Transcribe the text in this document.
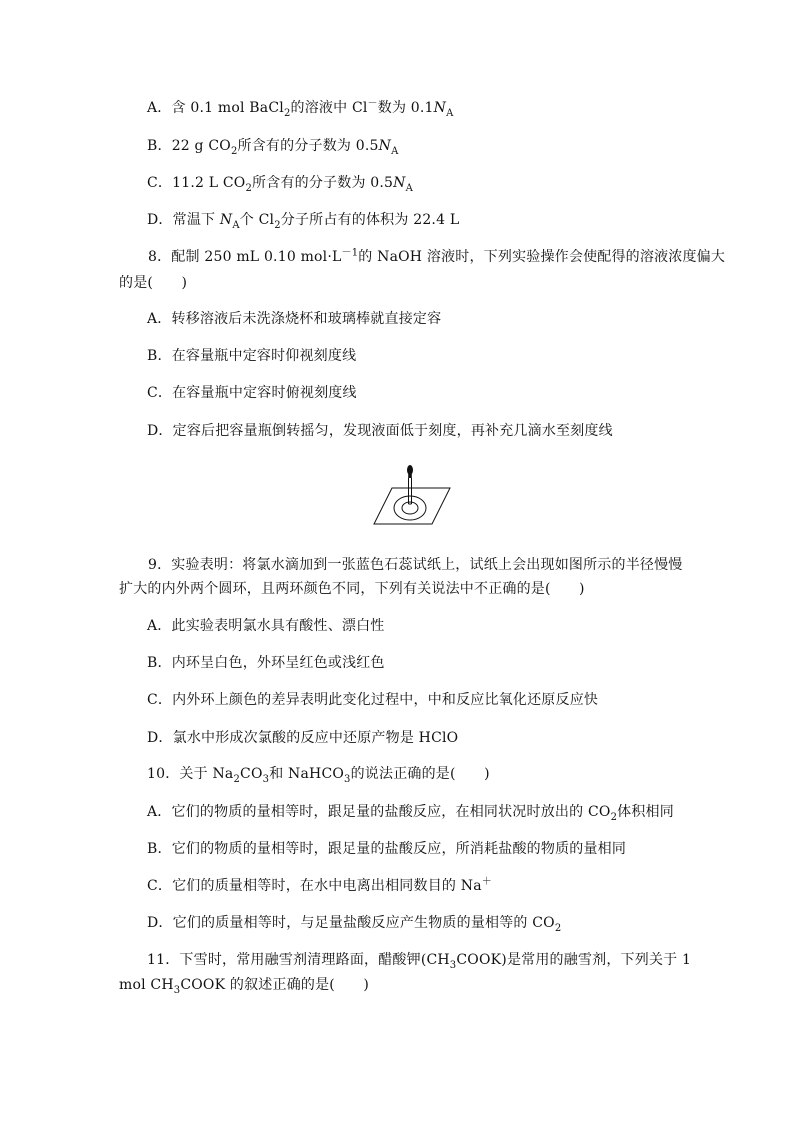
A．含 0.1 mol BaCl$_2$的溶液中 Cl－数为 $0.1N_A$
B．22 g $CO_2$所含有的分子数为 $0.5N_A$
C．11.2 L $CO_2$所含有的分子数为 $0.5N_A$
D．常温下 $N_A$个 $Cl_2$分子所占有的体积为 22.4 L
8．配制 250 mL 0.10 $mol\cdot L^{-1}$的 NaOH 溶液时，下列实验操作会使配得的溶液浓度偏大
的是(　　)
A．转移溶液后未洗涤烧杯和玻璃棒就直接定容
B．在容量瓶中定容时仰视刻度线
C．在容量瓶中定容时俯视刻度线
D．定容后把容量瓶倒转摇匀，发现液面低于刻度，再补充几滴水至刻度线
9．实验表明：将氯水滴加到一张蓝色石蕊试纸上，试纸上会出现如图所示的半径慢慢
扩大的内外两个圆环，且两环颜色不同，下列有关说法中不正确的是(　　)
A．此实验表明氯水具有酸性、漂白性
B．内环呈白色，外环呈红色或浅红色
C．内外环上颜色的差异表明此变化过程中，中和反应比氧化还原反应快
D．氯水中形成次氯酸的反应中还原产物是 HClO
10．关于 $Na_2CO_3$和 NaHCO$_3$的说法正确的是(　　)
A．它们的物质的量相等时，跟足量的盐酸反应，在相同状况时放出的 $CO_2$体积相同
B．它们的物质的量相等时，跟足量的盐酸反应，所消耗盐酸的物质的量相同
C．它们的质量相等时，在水中电离出相同数目的 Na＋
D．它们的质量相等时，与足量盐酸反应产生物质的量相等的 $CO_2$
11．下雪时，常用融雪剂清理路面，醋酸钾$(CH_3COOK)$是常用的融雪剂，下列关于 1
mol $CH_3COOK$ 的叙述正确的是(　　)
